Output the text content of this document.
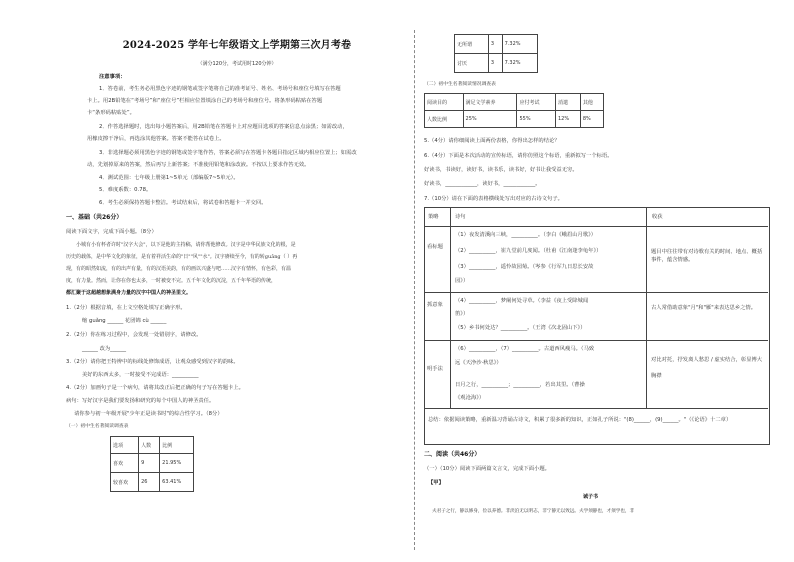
2024-2025 学年七年级语文上学期第三次月考卷
（满分120分，考试用时120分钟）
注意事项：
1．答卷前，考生务必用黑色字迹的钢笔或签字笔将自己的准考证号、姓名、考场号和座位号填写在答题
卡上。用2B铅笔在“考场号”和“座位号”栏相应位置填涂自己的考场号和座位号。将条形码粘贴在答题
卡“条形码粘贴处”。
2．作答选择题时，选出每小题答案后，用2B铅笔在答题卡上对应题目选项的答案信息点涂黑；如需改动，
用橡皮擦干净后，再选涂其他答案。答案不能答在试卷上。
3．非选择题必须用黑色字迹的钢笔或签字笔作答，答案必须写在答题卡各题目指定区域内相应位置上；如需改
动，先划掉原来的答案，然后再写上新答案；不准使用铅笔和涂改液。不按以上要求作答无效。
4．测试范围：七年级上册第1~5单元（部编版7~5单元）。
5．难度系数：0.78。
6．考生必须保持答题卡整洁。考试结束后，将试卷和答题卡一并交回。
一、基础（共26分）
阅读下面文字，完成下面小题。（8分）
小城有小有杯者许时"汉字大会"，以下是他的主持稿，请你帮他修改。汉字是中华民族文化的根，是
历史的载体，是中华文化的象征，是有着祥活生命的"日""风""水"。汉字赓续至今，有的转ɡuǎnɡ（ ）再
现，有的昭然如流，有的出声有量，有的汉语美韵，有的画以兴盛与吧……汉字有情怀，有色彩，有温
度，有力量。然而，让你在你也太多，一时被变不完。五千年文化的沉淀，五千年华语的传统，
都汇聚于这超越想象满身力量的汉字中国人的神圣里文。
1.（2分）根据音填，在上文空格处填写正确字形。
缩 ɡuǎnɡ ______ 花团锦 cù ______
2.（2分）你在练习过程中，会发现一处错别字，请修改。
______ 改为______
3.（2分）请你把王特辨中的标线处修饰成语，让观众感受到汉字的韵味。
美好的东西太多，一时接受不完成语：__________
4.（2分）加画句子是一个病句，请将其改正后把正确的句子写在答题卡上。
病句：写好汉字是我们要发扬和研究的每个中国人的神圣责任。
请你参与初一年级开展"少年正是读书时"的综合性学习。（8分）
（一）初中生名著阅读调查表
选项	人数	比例
喜欢	9	21.95%
较喜欢	26	63.41%
无所谓	3	7.32%
讨厌	3	7.32%
（二）初中生名著阅读情况调查表
阅读目的	满足文学素养	应付考试	消遣	其他
人数比例	25%	55%	12%	8%
5.（4分）请你细阅读上面两份表格，你得出怎样的结论？
6.（4分）下面是本次活动的宣传标语，请你仿照这个标语，重新拟写一个标语。
好读书，书读好，读好书，读书乐，读书好，好书让我受益无穷。
好读书，____________，读好书，____________。
7.（10分）请在下面的表格横线处写出对应的古诗文句子。
策略	诗句	收获
看标题
（1）夜发清溪向三峡，__________。（李白《峨眉山月歌》）
（2）__________，崔九堂前几度闻。（杜甫《江南逢李龟年》）
（3）__________，遥怜故园菊。（岑参《行军九日思长安故
园》）
题目中往往带有对诗歌有关的时间、地点、概括事件，蕴含情感。
抓意象
（4）__________，梦阑何处寻草。（李益《夜上受降城闻
笛》）
（5）乡书何处达？__________。（王湾《次北固山下》）
古人常借助意象"月"和"雁"来表达思乡之情。
明手法
（6）__________，（7）__________。古道西风瘦马。（马致
远《天净沙·秋思》）
日月之行，__________；__________，若出其里。（曹操
《观沧海》）
对比对托，抒发离人愁思 / 虚实结合，彰显博大胸襟
总结：依据阅读策略，重新温习背诵古诗文，积累了很多新的知识，正如孔子所说："(8)______，(9)______。"（《论语》十二章）
二、阅读（共46分）
（一）（10分）阅读下面两篇文言文，完成下面小题。
【甲】
诫子书
夫君子之行，静以修身，俭以养德。非淡泊无以明志，非宁静无以致远。夫学须静也，才须学也，非
